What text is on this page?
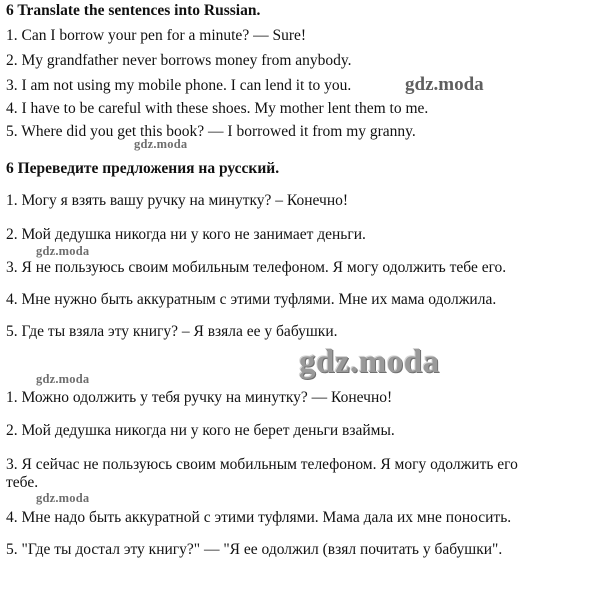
6 Translate the sentences into Russian.
1. Can I borrow your pen for a minute? — Sure!
2. My grandfather never borrows money from anybody.
3. I am not using my mobile phone. I can lend it to you.
4. I have to be careful with these shoes. My mother lent them to me.
5. Where did you get this book? — I borrowed it from my granny.
6 Переведите предложения на русский.
1. Могу я взять вашу ручку на минутку? – Конечно!
2. Мой дедушка никогда ни у кого не занимает деньги.
3. Я не пользуюсь своим мобильным телефоном. Я могу одолжить тебе его.
4. Мне нужно быть аккуратным с этими туфлями. Мне их мама одолжила.
5. Где ты взяла эту книгу? – Я взяла ее у бабушки.
1. Можно одолжить у тебя ручку на минутку? — Конечно!
2. Мой дедушка никогда ни у кого не берет деньги взаймы.
3. Я сейчас не пользуюсь своим мобильным телефоном. Я могу одолжить его
тебе.
4. Мне надо быть аккуратной с этими туфлями. Мама дала их мне поносить.
5. "Где ты достал эту книгу?" — "Я ее одолжил (взял почитать у бабушки".
gdz.moda
gdz.moda
gdz.moda
gdz.moda
gdz.moda
gdz.moda
